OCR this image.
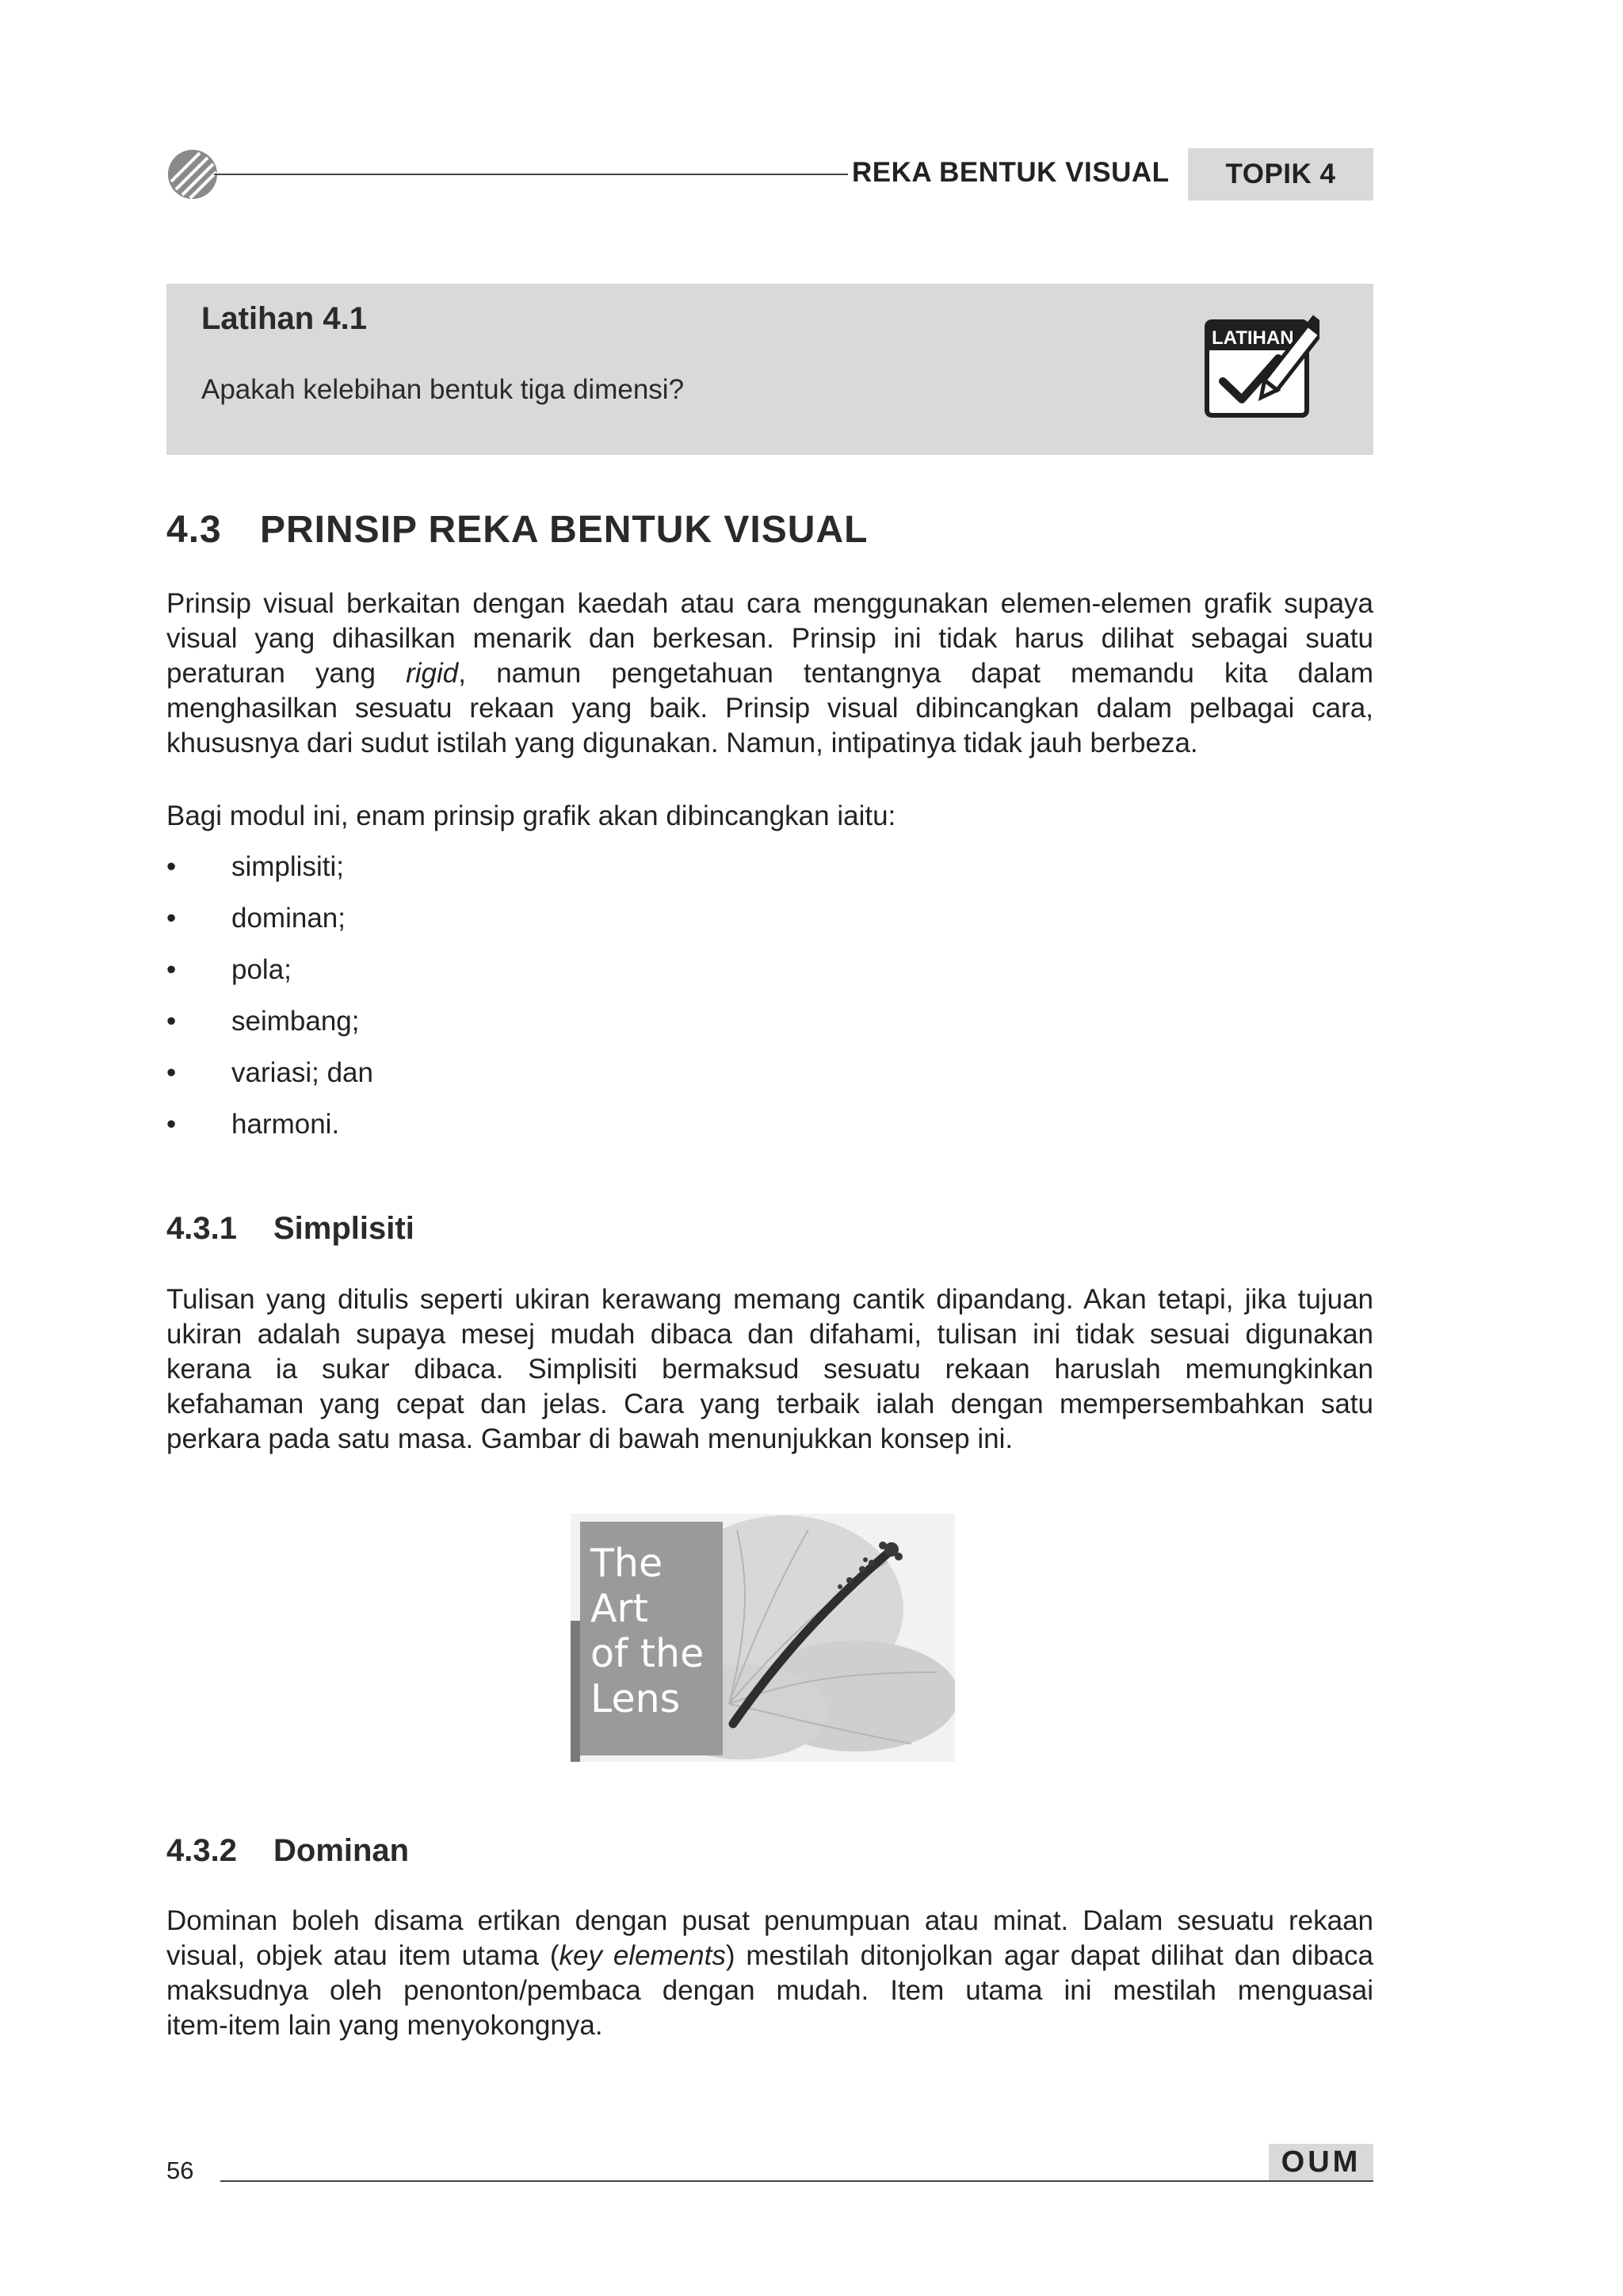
REKA BENTUK VISUAL	TOPIK 4
Latihan 4.1
Apakah kelebihan bentuk tiga dimensi?
LATIHAN
4.3 PRINSIP REKA BENTUK VISUAL
Prinsip visual berkaitan dengan kaedah atau cara menggunakan elemen-elemen grafik supaya
visual yang dihasilkan menarik dan berkesan. Prinsip ini tidak harus dilihat sebagai suatu
peraturan yang rigid, namun pengetahuan tentangnya dapat memandu kita dalam
menghasilkan sesuatu rekaan yang baik. Prinsip visual dibincangkan dalam pelbagai cara,
khususnya dari sudut istilah yang digunakan. Namun, intipatinya tidak jauh berbeza.
Bagi modul ini, enam prinsip grafik akan dibincangkan iaitu:
• simplisiti;
• dominan;
• pola;
• seimbang;
• variasi; dan
• harmoni.
4.3.1 Simplisiti
Tulisan yang ditulis seperti ukiran kerawang memang cantik dipandang. Akan tetapi, jika tujuan
ukiran adalah supaya mesej mudah dibaca dan difahami, tulisan ini tidak sesuai digunakan
kerana ia sukar dibaca. Simplisiti bermaksud sesuatu rekaan haruslah memungkinkan
kefahaman yang cepat dan jelas. Cara yang terbaik ialah dengan mempersembahkan satu
perkara pada satu masa. Gambar di bawah menunjukkan konsep ini.
The
Art
of the
Lens
4.3.2 Dominan
Dominan boleh disama ertikan dengan pusat penumpuan atau minat. Dalam sesuatu rekaan
visual, objek atau item utama (key elements) mestilah ditonjolkan agar dapat dilihat dan dibaca
maksudnya oleh penonton/pembaca dengan mudah. Item utama ini mestilah menguasai
item-item lain yang menyokongnya.
56	OUM
